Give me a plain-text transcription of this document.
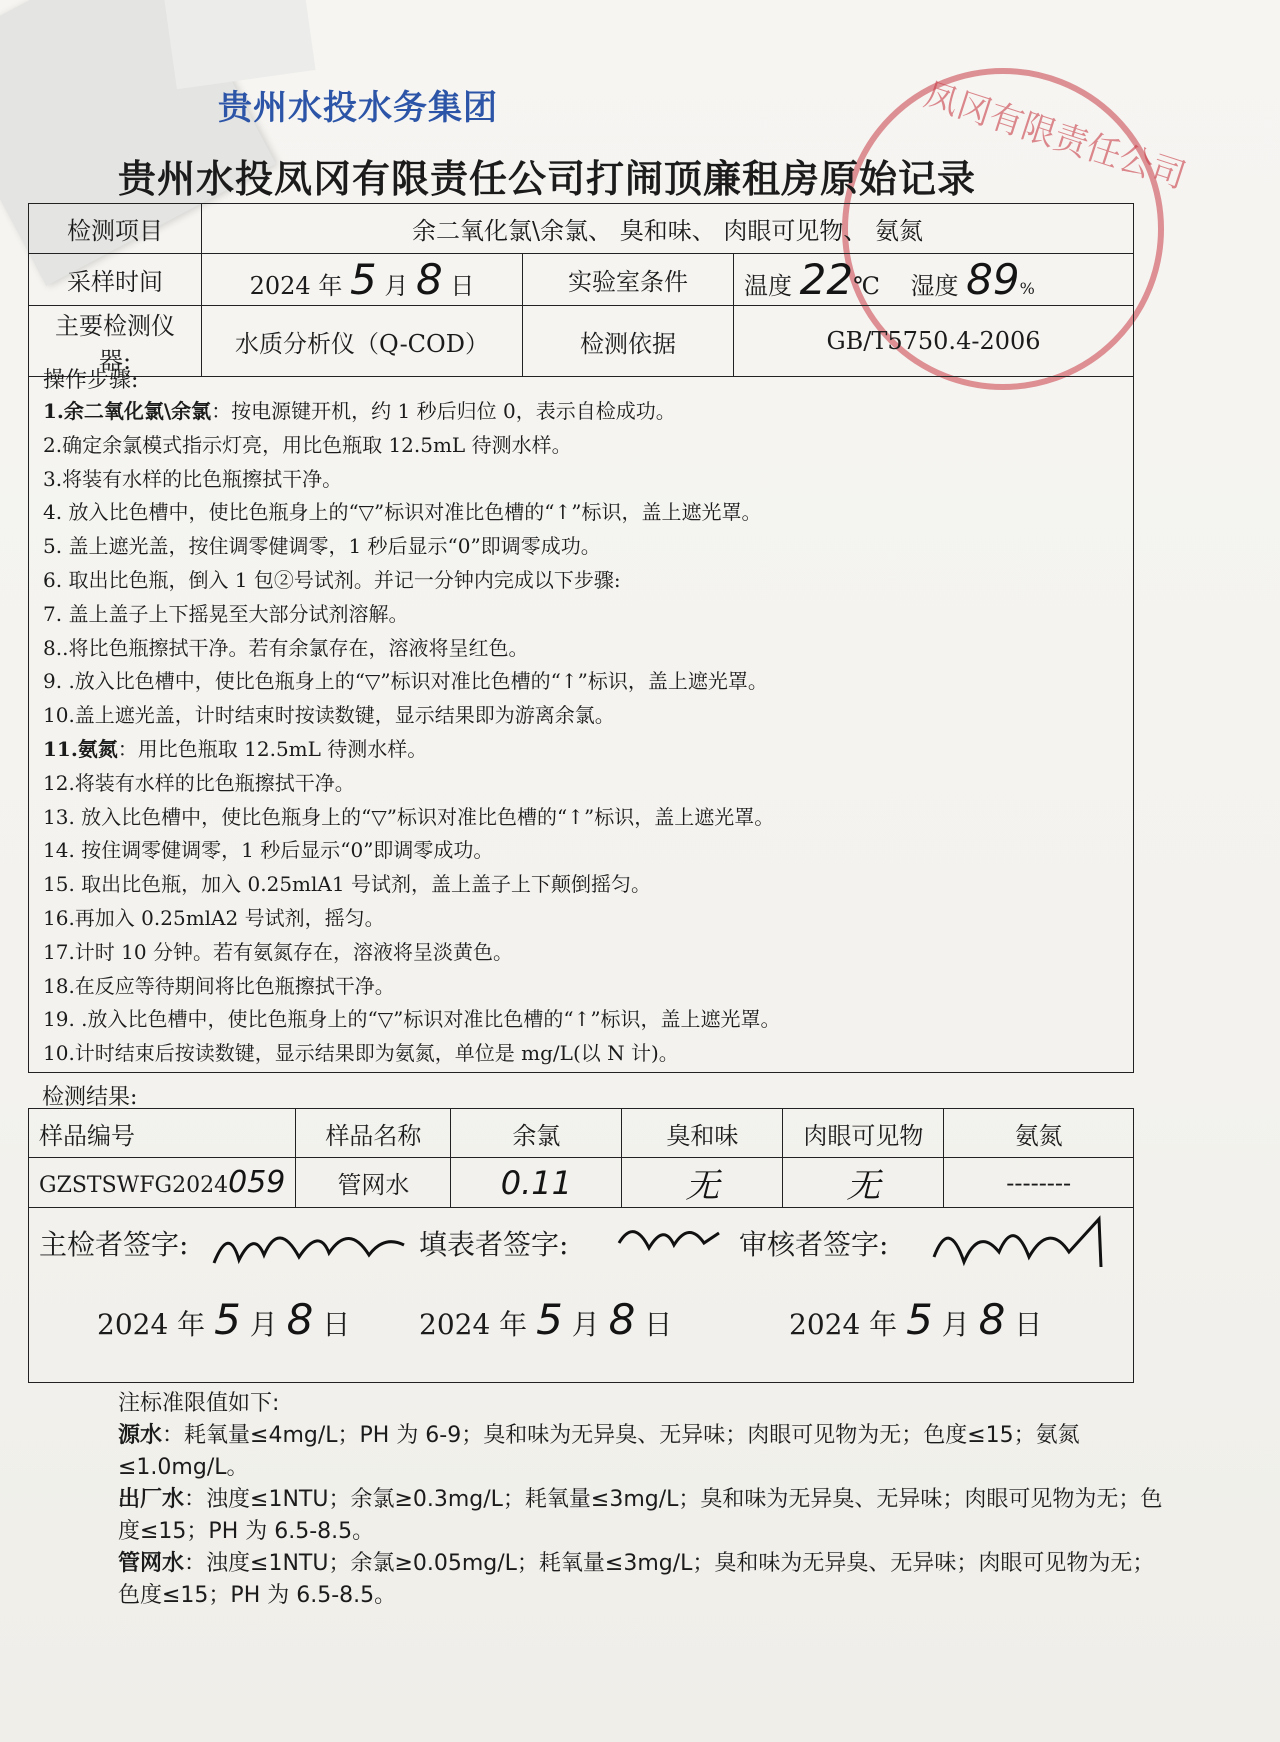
凤冈有限责任公司
贵州水投水务集团
贵州水投凤冈有限责任公司打闹顶廉租房原始记录
检测项目	余二氧化氯\余氯、 臭和味、 肉眼可见物、 氨氮		
采样时间	2024 年 5 月 8 日	实验室条件	温度 22℃ 湿度 89%
主要检测仪器:	水质分析仪（Q-COD）	检测依据	GB/T5750.4-2006
操作步骤:
1.余二氧化氯\余氯：按电源键开机，约 1 秒后归位 0，表示自检成功。
2.确定余氯模式指示灯亮，用比色瓶取 12.5mL 待测水样。
3.将装有水样的比色瓶擦拭干净。
4. 放入比色槽中，使比色瓶身上的“▽”标识对准比色槽的“↑”标识，盖上遮光罩。
5. 盖上遮光盖，按住调零健调零，1 秒后显示“0”即调零成功。
6. 取出比色瓶，倒入 1 包②号试剂。并记一分钟内完成以下步骤:
7. 盖上盖子上下摇晃至大部分试剂溶解。
8..将比色瓶擦拭干净。若有余氯存在，溶液将呈红色。
9. .放入比色槽中，使比色瓶身上的“▽”标识对准比色槽的“↑”标识，盖上遮光罩。
10.盖上遮光盖，计时结束时按读数键，显示结果即为游离余氯。
11.氨氮：用比色瓶取 12.5mL 待测水样。
12.将装有水样的比色瓶擦拭干净。
13. 放入比色槽中，使比色瓶身上的“▽”标识对准比色槽的“↑”标识，盖上遮光罩。
14. 按住调零健调零，1 秒后显示“0”即调零成功。
15. 取出比色瓶，加入 0.25mlA1 号试剂，盖上盖子上下颠倒摇匀。
16.再加入 0.25mlA2 号试剂，摇匀。
17.计时 10 分钟。若有氨氮存在，溶液将呈淡黄色。
18.在反应等待期间将比色瓶擦拭干净。
19. .放入比色槽中，使比色瓶身上的“▽”标识对准比色槽的“↑”标识，盖上遮光罩。
10.计时结束后按读数键，显示结果即为氨氮，单位是 mg/L(以 N 计)。
检测结果:
样品编号	样品名称	余氯	臭和味	肉眼可见物	氨氮
GZSTSWFG2024059	管网水	0.11	无	无	--------
主检者签字:
2024 年 5 月 8 日
填表者签字:
2024 年 5 月 8 日
审核者签字:
2024 年 5 月 8 日
注标准限值如下:
源水：耗氧量≤4mg/L；PH 为 6-9；臭和味为无异臭、无异味；肉眼可见物为无；色度≤15；氨氮≤1.0mg/L。
出厂水：浊度≤1NTU；余氯≥0.3mg/L；耗氧量≤3mg/L；臭和味为无异臭、无异味；肉眼可见物为无；色度≤15；PH 为 6.5-8.5。
管网水：浊度≤1NTU；余氯≥0.05mg/L；耗氧量≤3mg/L；臭和味为无异臭、无异味；肉眼可见物为无；色度≤15；PH 为 6.5-8.5。
